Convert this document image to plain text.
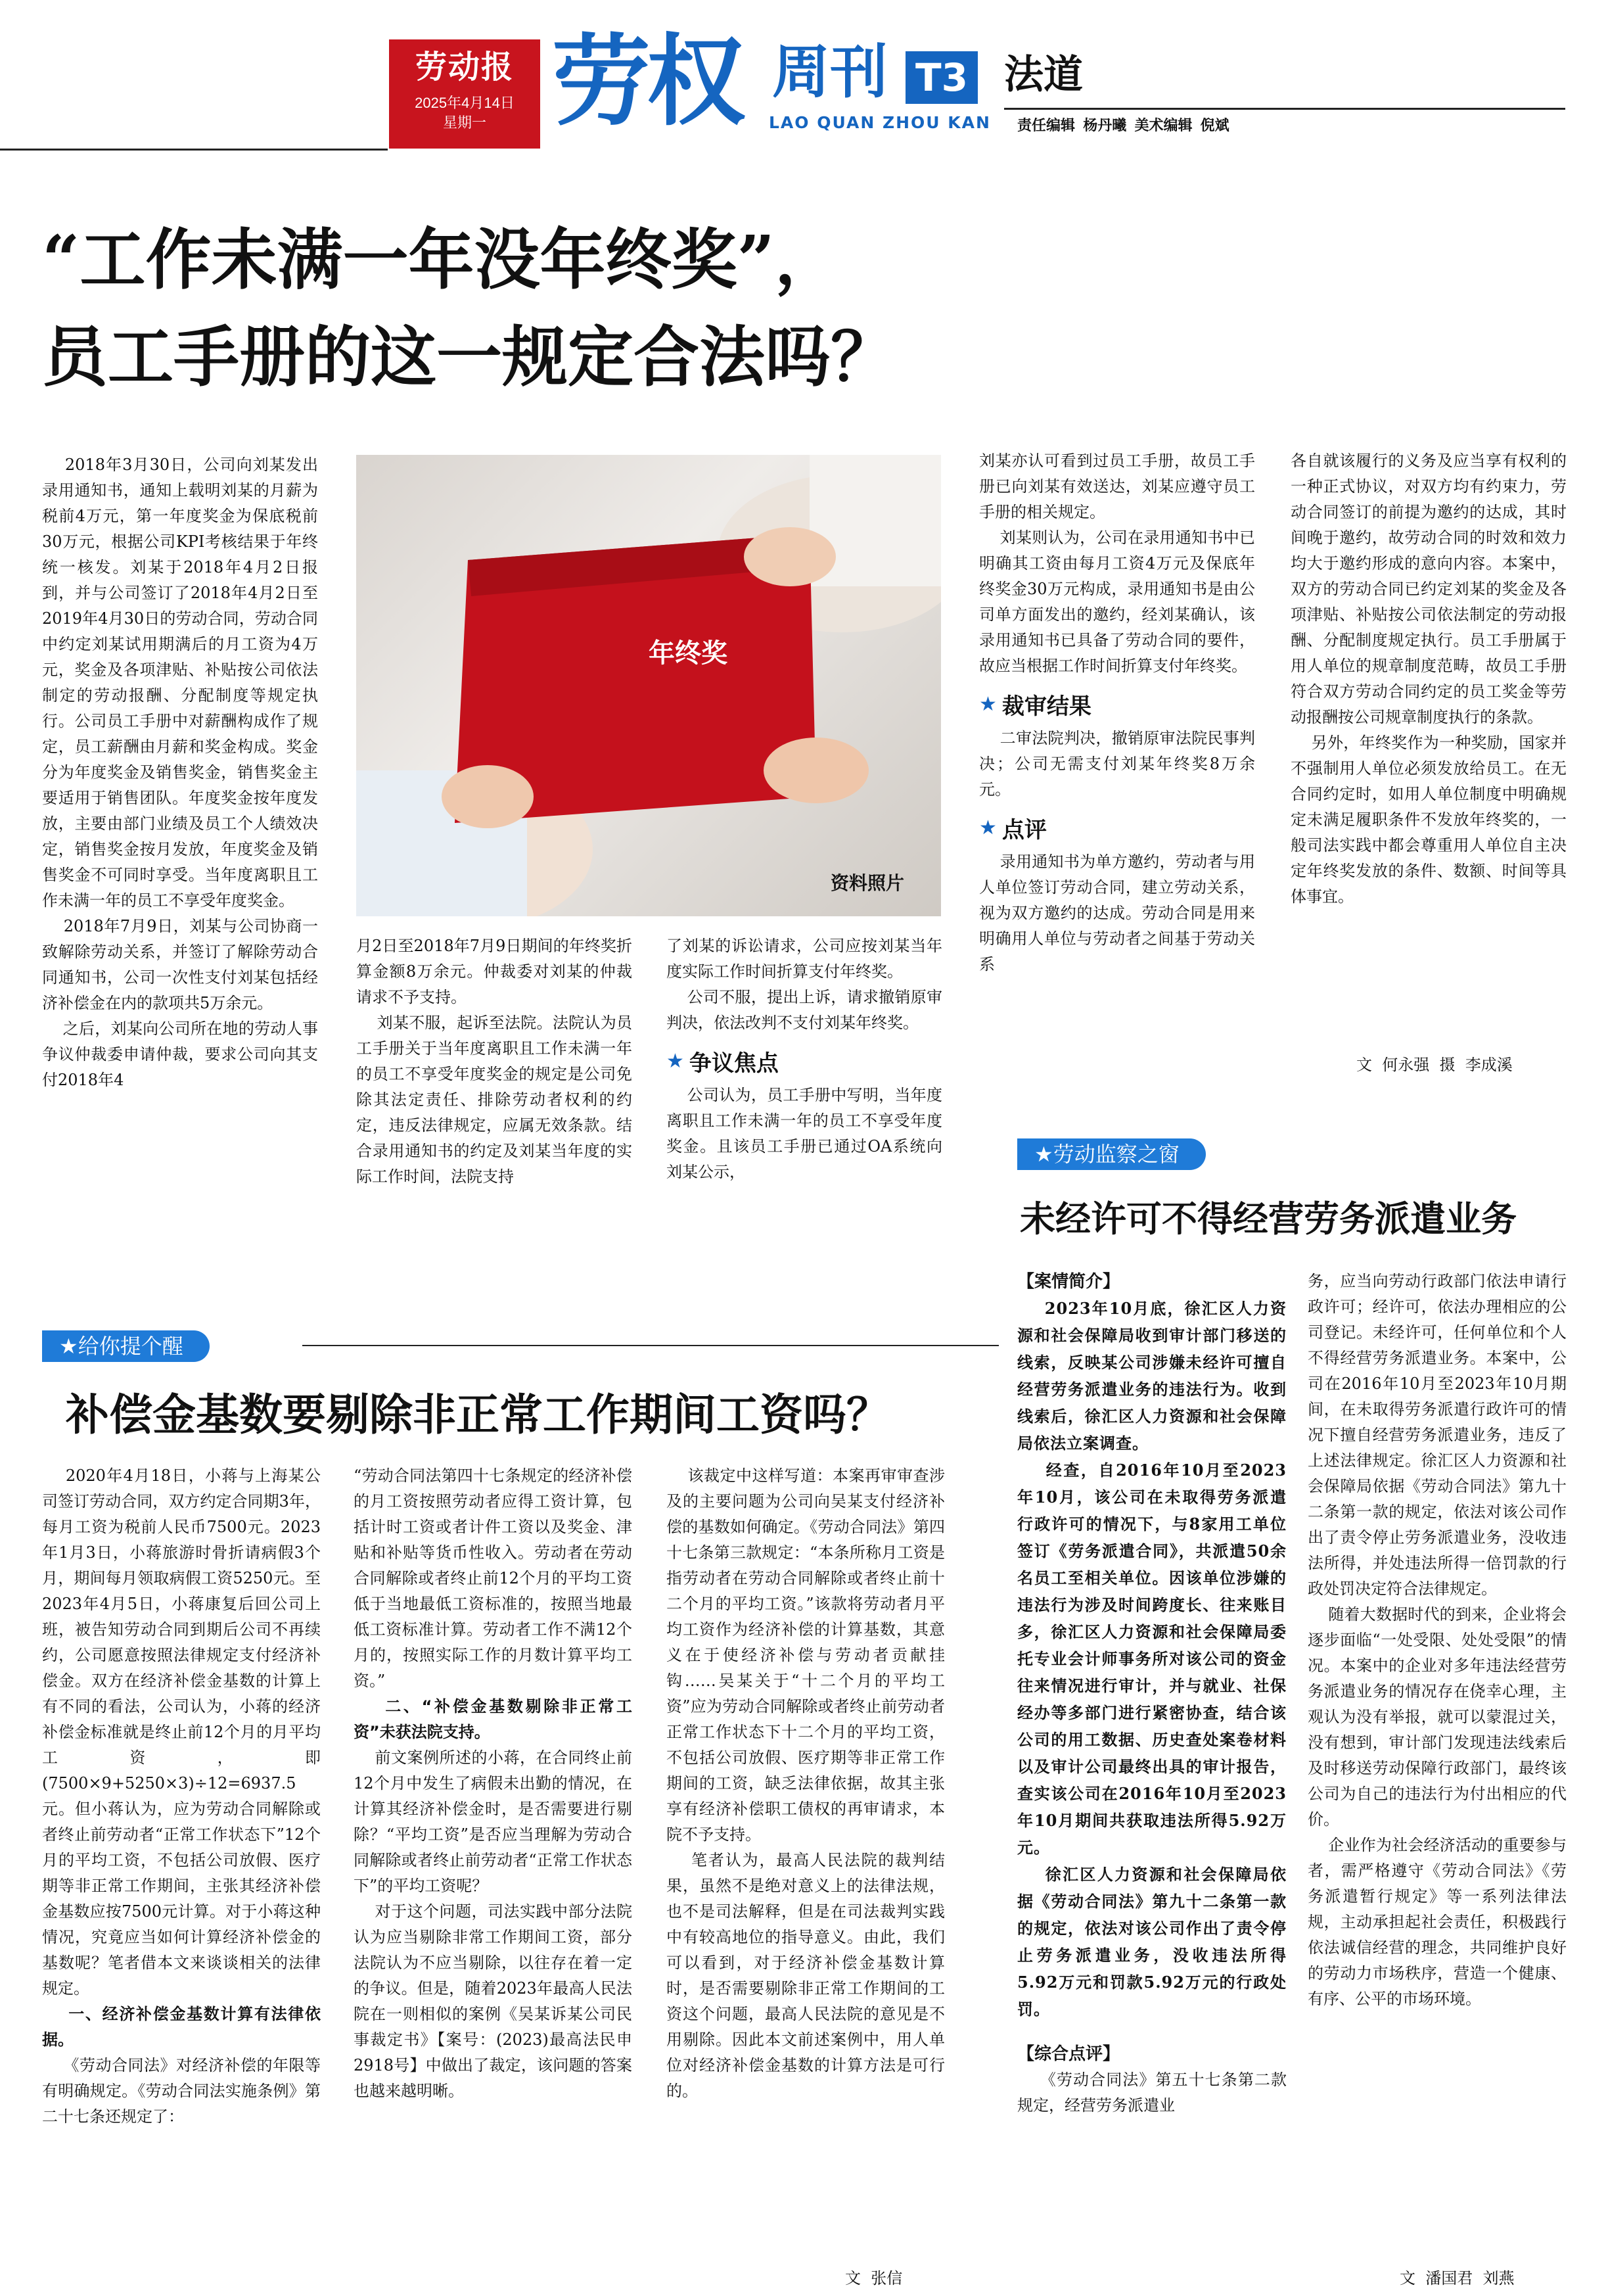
劳动报
2025年4月14日
星期一 劳权 周刊 T3
LAO QUAN ZHOU KAN
法道
责任编辑  杨丹曦  美术编辑  倪斌
“工作未满一年没年终奖”，
员工手册的这一规定合法吗？

2018年3月30日，公司向刘某发出录用通知书，通知上载明刘某的月薪为税前4万元，第一年度奖金为保底税前30万元，根据公司KPI考核结果于年终统一核发。刘某于2018年4月2日报到，并与公司签订了2018年4月2日至2019年4月30日的劳动合同，劳动合同中约定刘某试用期满后的月工资为4万元，奖金及各项津贴、补贴按公司依法制定的劳动报酬、分配制度等规定执行。公司员工手册中对薪酬构成作了规定，员工薪酬由月薪和奖金构成。奖金分为年度奖金及销售奖金，销售奖金主要适用于销售团队。年度奖金按年度发放，主要由部门业绩及员工个人绩效决定，销售奖金按月发放，年度奖金及销售奖金不可同时享受。当年度离职且工作未满一年的员工不享受年度奖金。
2018年7月9日，刘某与公司协商一致解除劳动关系，并签订了解除劳动合同通知书，公司一次性支付刘某包括经济补偿金在内的款项共5万余元。
之后，刘某向公司所在地的劳动人事争议仲裁委申请仲裁，要求公司向其支付2018年4

年终奖
资料照片

月2日至2018年7月9日期间的年终奖折算金额8万余元。仲裁委对刘某的仲裁请求不予支持。
刘某不服，起诉至法院。法院认为员工手册关于当年度离职且工作未满一年的员工不享受年度奖金的规定是公司免除其法定责任、排除劳动者权利的约定，违反法律规定，应属无效条款。结合录用通知书的约定及刘某当年度的实际工作时间，法院支持

了刘某的诉讼请求，公司应按刘某当年度实际工作时间折算支付年终奖。
公司不服，提出上诉，请求撤销原审判决，依法改判不支付刘某年终奖。

★ 争议焦点

公司认为，员工手册中写明，当年度离职且工作未满一年的员工不享受年度奖金。且该员工手册已通过OA系统向刘某公示，

刘某亦认可看到过员工手册，故员工手册已向刘某有效送达，刘某应遵守员工手册的相关规定。
刘某则认为，公司在录用通知书中已明确其工资由每月工资4万元及保底年终奖金30万元构成，录用通知书是由公司单方面发出的邀约，经刘某确认，该录用通知书已具备了劳动合同的要件，故应当根据工作时间折算支付年终奖。

★ 裁审结果

二审法院判决，撤销原审法院民事判决；公司无需支付刘某年终奖8万余元。

★ 点评

录用通知书为单方邀约，劳动者与用人单位签订劳动合同，建立劳动关系，视为双方邀约的达成。劳动合同是用来明确用人单位与劳动者之间基于劳动关系

各自就该履行的义务及应当享有权利的一种正式协议，对双方均有约束力，劳动合同签订的前提为邀约的达成，其时间晚于邀约，故劳动合同的时效和效力均大于邀约形成的意向内容。本案中，双方的劳动合同已约定刘某的奖金及各项津贴、补贴按公司依法制定的劳动报酬、分配制度规定执行。员工手册属于用人单位的规章制度范畴，故员工手册符合双方劳动合同约定的员工奖金等劳动报酬按公司规章制度执行的条款。
另外，年终奖作为一种奖励，国家并不强制用人单位必须发放给员工。在无合同约定时，如用人单位制度中明确规定未满足履职条件不发放年终奖的，一般司法实践中都会尊重用人单位自主决定年终奖发放的条件、数额、时间等具体事宜。

文  何永强  摄  李成溪
★劳动监察之窗
未经许可不得经营劳务派遣业务
【案情简介】

2023年10月底，徐汇区人力资源和社会保障局收到审计部门移送的线索，反映某公司涉嫌未经许可擅自经营劳务派遣业务的违法行为。收到线索后，徐汇区人力资源和社会保障局依法立案调查。
经查，自2016年10月至2023年10月，该公司在未取得劳务派遣行政许可的情况下，与8家用工单位签订《劳务派遣合同》，共派遣50余名员工至相关单位。因该单位涉嫌的违法行为涉及时间跨度长、往来账目多，徐汇区人力资源和社会保障局委托专业会计师事务所对该公司的资金往来情况进行审计，并与就业、社保经办等多部门进行紧密协查，结合该公司的用工数据、历史查处案卷材料以及审计公司最终出具的审计报告，查实该公司在2016年10月至2023年10月期间共获取违法所得5.92万元。
徐汇区人力资源和社会保障局依据《劳动合同法》第九十二条第一款的规定，依法对该公司作出了责令停止劳务派遣业务，没收违法所得5.92万元和罚款5.92万元的行政处罚。

【综合点评】

《劳动合同法》第五十七条第二款规定，经营劳务派遣业

务，应当向劳动行政部门依法申请行政许可；经许可，依法办理相应的公司登记。未经许可，任何单位和个人不得经营劳务派遣业务。本案中，公司在2016年10月至2023年10月期间，在未取得劳务派遣行政许可的情况下擅自经营劳务派遣业务，违反了上述法律规定。徐汇区人力资源和社会保障局依据《劳动合同法》第九十二条第一款的规定，依法对该公司作出了责令停止劳务派遣业务，没收违法所得，并处违法所得一倍罚款的行政处罚决定符合法律规定。
随着大数据时代的到来，企业将会逐步面临“一处受限、处处受限”的情况。本案中的企业对多年违法经营劳务派遣业务的情况存在侥幸心理，主观认为没有举报，就可以蒙混过关，没有想到，审计部门发现违法线索后及时移送劳动保障行政部门，最终该公司为自己的违法行为付出相应的代价。
企业作为社会经济活动的重要参与者，需严格遵守《劳动合同法》《劳务派遣暂行规定》等一系列法律法规，主动承担起社会责任，积极践行依法诚信经营的理念，共同维护良好的劳动力市场秩序，营造一个健康、有序、公平的市场环境。

文  潘国君  刘燕
★给你提个醒
补偿金基数要剔除非正常工作期间工资吗？

2020年4月18日，小蒋与上海某公司签订劳动合同，双方约定合同期3年，每月工资为税前人民币7500元。2023年1月3日，小蒋旅游时骨折请病假3个月，期间每月领取病假工资5250元。至2023年4月5日，小蒋康复后回公司上班，被告知劳动合同到期后公司不再续约，公司愿意按照法律规定支付经济补偿金。双方在经济补偿金基数的计算上有不同的看法，公司认为，小蒋的经济补偿金标准就是终止前12个月的月平均工资，即(7500×9+5250×3)÷12=6937.5元。但小蒋认为，应为劳动合同解除或者终止前劳动者“正常工作状态下”12个月的平均工资，不包括公司放假、医疗期等非正常工作期间，主张其经济补偿金基数应按7500元计算。对于小蒋这种情况，究竟应当如何计算经济补偿金的基数呢？笔者借本文来谈谈相关的法律规定。

一、经济补偿金基数计算有法律依据。

《劳动合同法》对经济补偿的年限等有明确规定。《劳动合同法实施条例》第二十七条还规定了：

“劳动合同法第四十七条规定的经济补偿的月工资按照劳动者应得工资计算，包括计时工资或者计件工资以及奖金、津贴和补贴等货币性收入。劳动者在劳动合同解除或者终止前12个月的平均工资低于当地最低工资标准的，按照当地最低工资标准计算。劳动者工作不满12个月的，按照实际工作的月数计算平均工资。”

二、“补偿金基数剔除非正常工资”未获法院支持。

前文案例所述的小蒋，在合同终止前12个月中发生了病假未出勤的情况，在计算其经济补偿金时，是否需要进行剔除？“平均工资”是否应当理解为劳动合同解除或者终止前劳动者“正常工作状态下”的平均工资呢？
对于这个问题，司法实践中部分法院认为应当剔除非常工作期间工资，部分法院认为不应当剔除，以往存在着一定的争议。但是，随着2023年最高人民法院在一则相似的案例《吴某诉某公司民事裁定书》【案号：(2023)最高法民申2918号】中做出了裁定，该问题的答案也越来越明晰。

该裁定中这样写道：本案再审审查涉及的主要问题为公司向吴某支付经济补偿的基数如何确定。《劳动合同法》第四十七条第三款规定：“本条所称月工资是指劳动者在劳动合同解除或者终止前十二个月的平均工资。”该款将劳动者月平均工资作为经济补偿的计算基数，其意义在于使经济补偿与劳动者贡献挂钩……吴某关于“十二个月的平均工资”应为劳动合同解除或者终止前劳动者正常工作状态下十二个月的平均工资，不包括公司放假、医疗期等非正常工作期间的工资，缺乏法律依据，故其主张享有经济补偿职工债权的再审请求，本院不予支持。
笔者认为，最高人民法院的裁判结果，虽然不是绝对意义上的法律法规，也不是司法解释，但是在司法裁判实践中有较高地位的指导意义。由此，我们可以看到，对于经济补偿金基数计算时，是否需要剔除非正常工作期间的工资这个问题，最高人民法院的意见是不用剔除。因此本文前述案例中，用人单位对经济补偿金基数的计算方法是可行的。

文  张信
